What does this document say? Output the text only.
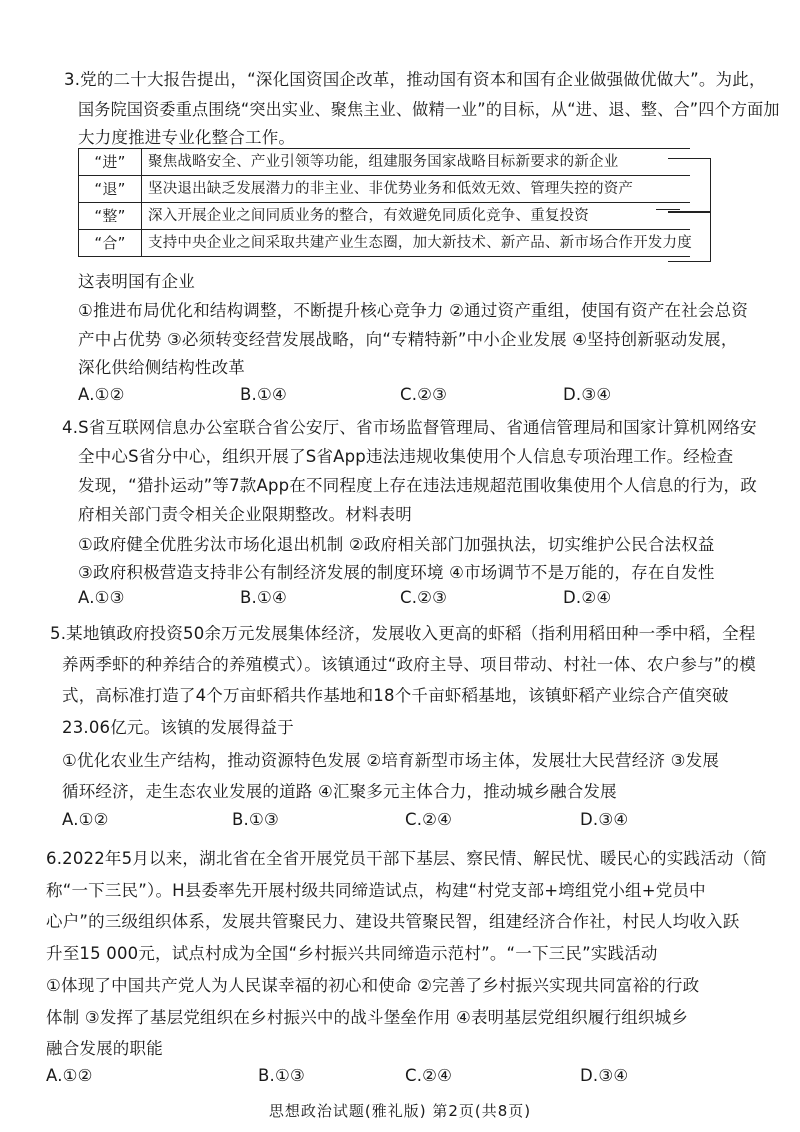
3.党的二十大报告提出，“深化国资国企改革，推动国有资本和国有企业做强做优做大”。为此，
国务院国资委重点围绕“突出实业、聚焦主业、做精一业”的目标，从“进、退、整、合”四个方面加
大力度推进专业化整合工作。
“进”	聚焦战略安全、产业引领等功能，组建服务国家战略目标新要求的新企业
“退”	坚决退出缺乏发展潜力的非主业、非优势业务和低效无效、管理失控的资产
“整”	深入开展企业之间同质业务的整合，有效避免同质化竞争、重复投资
“合”	支持中央企业之间采取共建产业生态圈，加大新技术、新产品、新市场合作开发力度
这表明国有企业
①推进布局优化和结构调整，不断提升核心竞争力 ②通过资产重组，使国有资产在社会总资
产中占优势 ③必须转变经营发展战略，向“专精特新”中小企业发展 ④坚持创新驱动发展，
深化供给侧结构性改革
A.①②	B.①④	C.②③	D.③④
4.S省互联网信息办公室联合省公安厅、省市场监督管理局、省通信管理局和国家计算机网络安
全中心S省分中心，组织开展了S省App违法违规收集使用个人信息专项治理工作。经检查
发现，“猎扑运动”等7款App在不同程度上存在违法违规超范围收集使用个人信息的行为，政
府相关部门责令相关企业限期整改。材料表明
①政府健全优胜劣汰市场化退出机制 ②政府相关部门加强执法，切实维护公民合法权益
③政府积极营造支持非公有制经济发展的制度环境 ④市场调节不是万能的，存在自发性
A.①③	B.①④	C.②③	D.②④
5.某地镇政府投资50余万元发展集体经济，发展收入更高的虾稻（指利用稻田种一季中稻，全程
养两季虾的种养结合的养殖模式）。该镇通过“政府主导、项目带动、村社一体、农户参与”的模
式，高标准打造了4个万亩虾稻共作基地和18个千亩虾稻基地，该镇虾稻产业综合产值突破
23.06亿元。该镇的发展得益于
①优化农业生产结构，推动资源特色发展 ②培育新型市场主体，发展壮大民营经济 ③发展
循环经济，走生态农业发展的道路 ④汇聚多元主体合力，推动城乡融合发展
A.①②	B.①③	C.②④	D.③④
6.2022年5月以来，湖北省在全省开展党员干部下基层、察民情、解民忧、暖民心的实践活动（简
称“一下三民”）。H县委率先开展村级共同缔造试点，构建“村党支部+塆组党小组+党员中
心户”的三级组织体系，发展共管聚民力、建设共管聚民智，组建经济合作社，村民人均收入跃
升至15 000元，试点村成为全国“乡村振兴共同缔造示范村”。“一下三民”实践活动
①体现了中国共产党人为人民谋幸福的初心和使命 ②完善了乡村振兴实现共同富裕的行政
体制 ③发挥了基层党组织在乡村振兴中的战斗堡垒作用 ④表明基层党组织履行组织城乡
融合发展的职能
A.①②	B.①③	C.②④	D.③④
思想政治试题(雅礼版) 第2页(共8页)
